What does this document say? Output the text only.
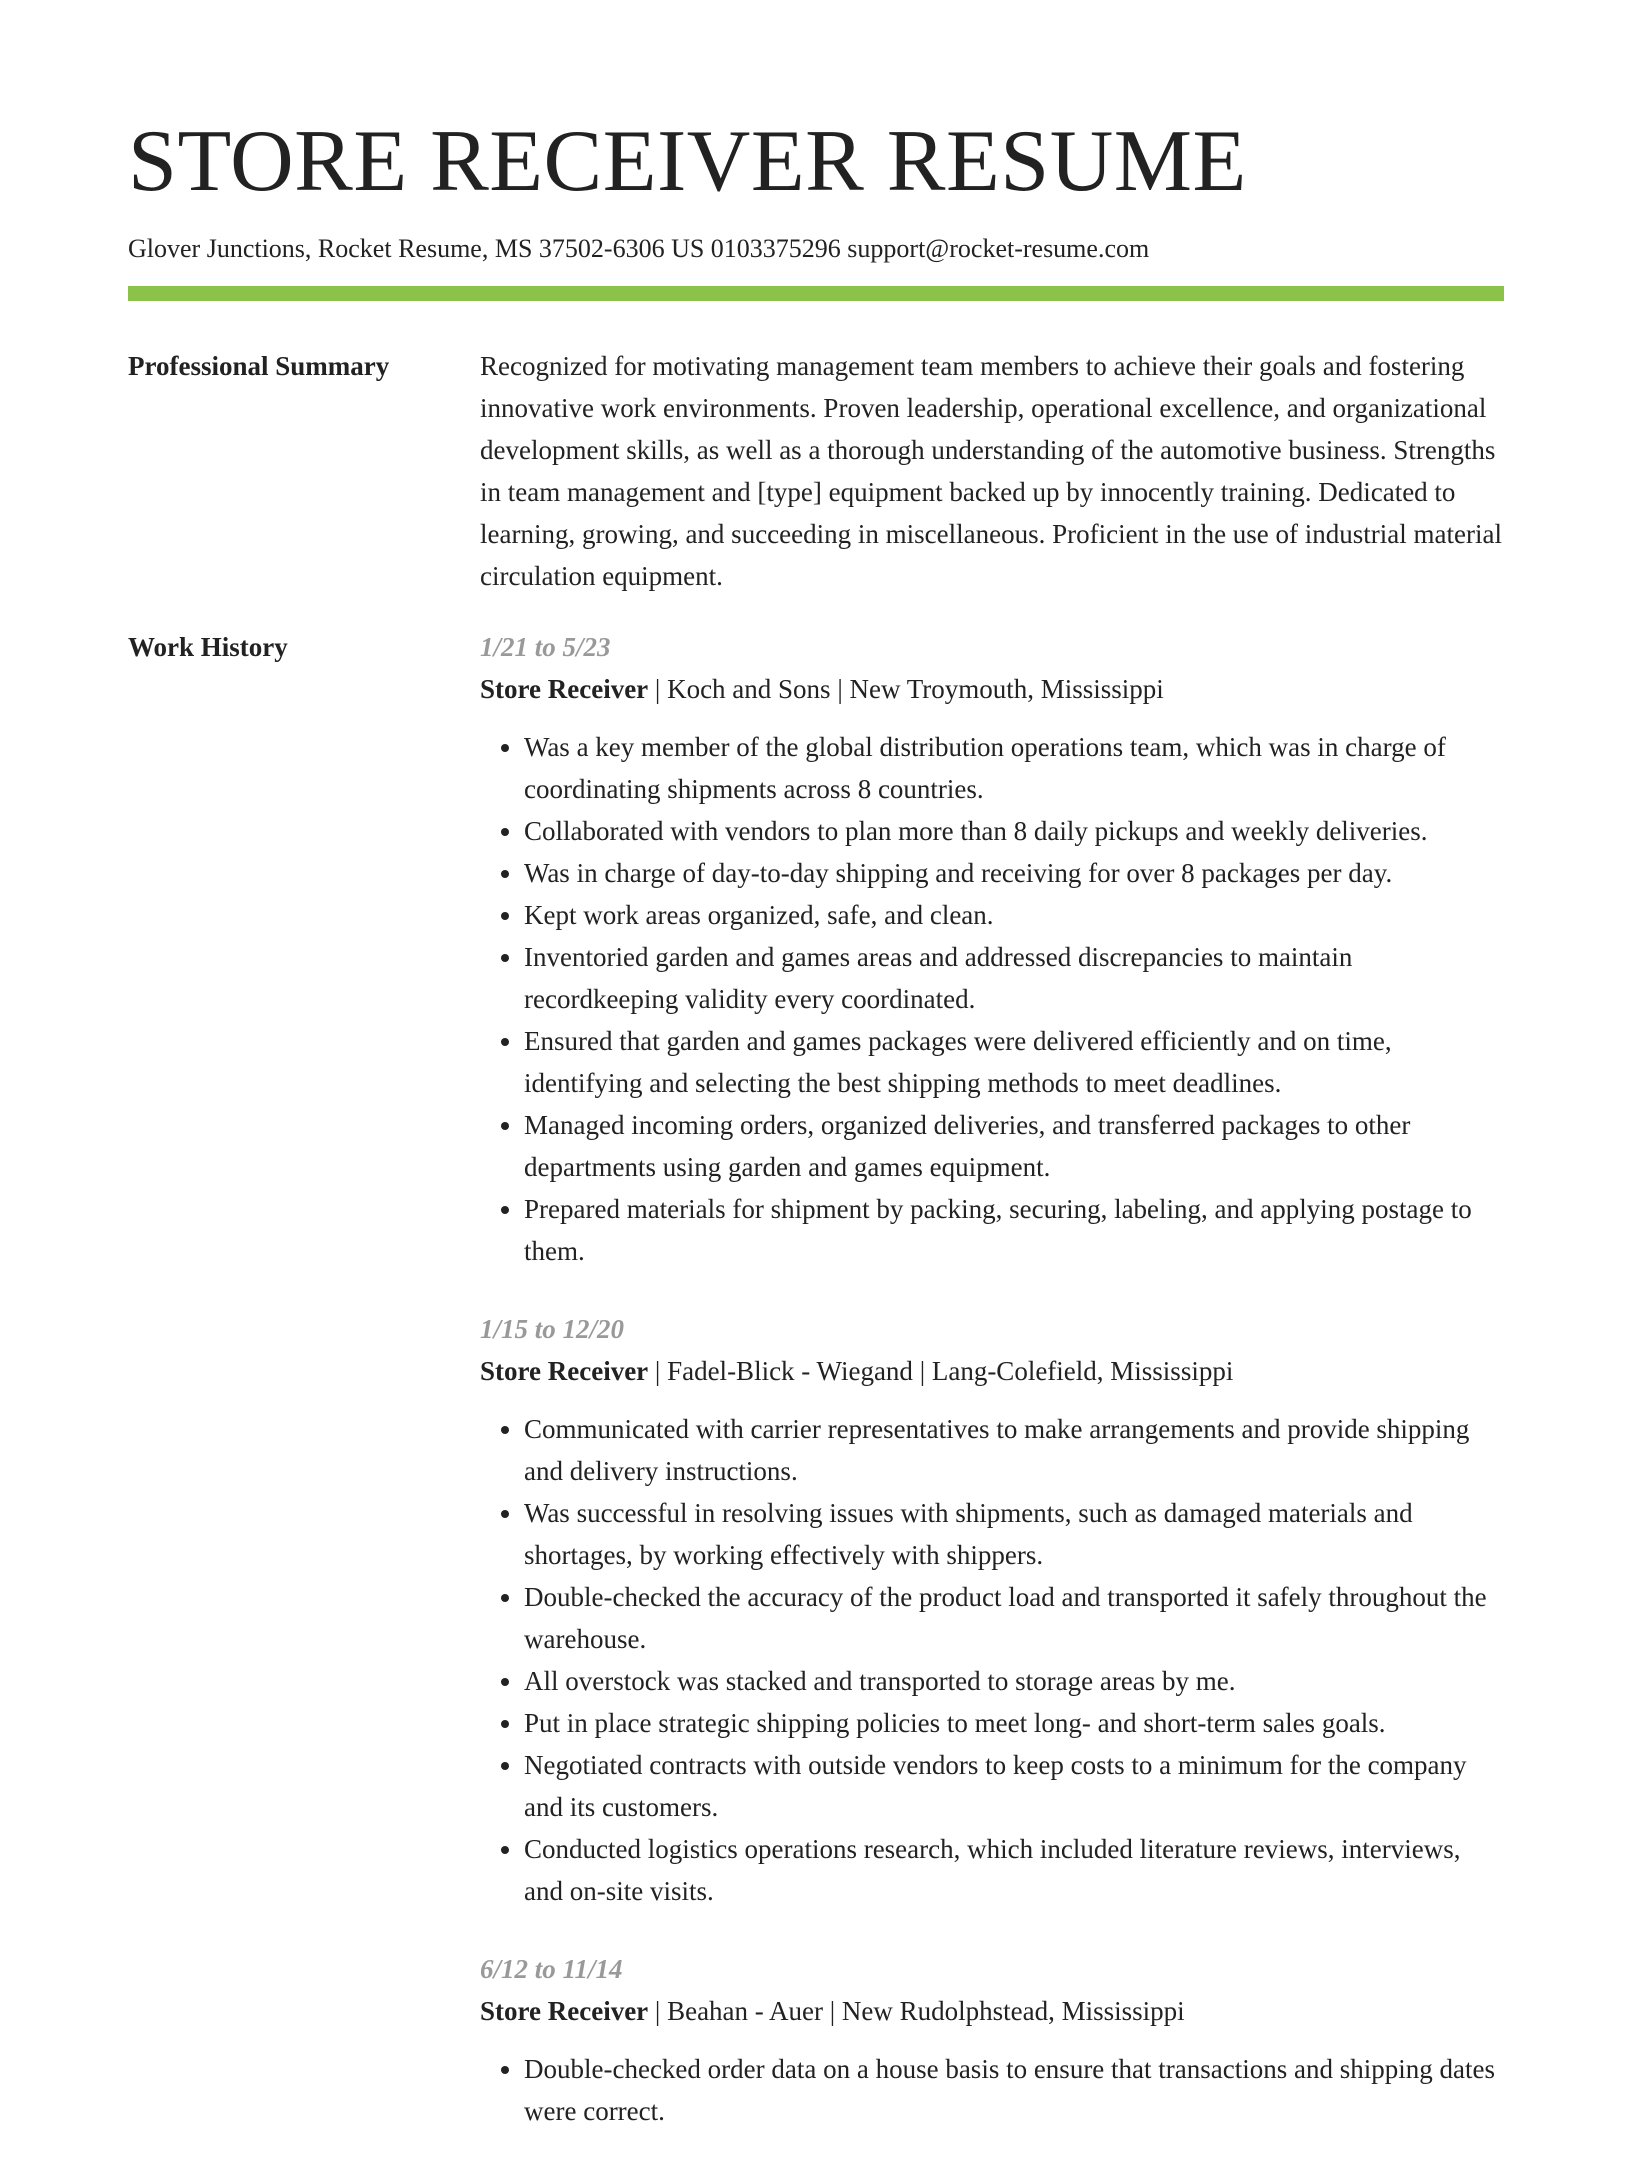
STORE RECEIVER RESUME
Glover Junctions, Rocket Resume, MS 37502-6306 US 0103375296 support@rocket-resume.com
Professional Summary	Recognized for motivating management team members to achieve their goals and fostering innovative work environments. Proven leadership, operational excellence, and organizational development skills, as well as a thorough understanding of the automotive business. Strengths in team management and [type] equipment backed up by innocently training. Dedicated to learning, growing, and succeeding in miscellaneous. Proficient in the use of industrial material circulation equipment.

Work History	1/21 to 5/23
Store Receiver | Koch and Sons | New Troymouth, Mississippi
• Was a key member of the global distribution operations team, which was in charge of coordinating shipments across 8 countries.
• Collaborated with vendors to plan more than 8 daily pickups and weekly deliveries.
• Was in charge of day-to-day shipping and receiving for over 8 packages per day.
• Kept work areas organized, safe, and clean.
• Inventoried garden and games areas and addressed discrepancies to maintain recordkeeping validity every coordinated.
• Ensured that garden and games packages were delivered efficiently and on time, identifying and selecting the best shipping methods to meet deadlines.
• Managed incoming orders, organized deliveries, and transferred packages to other departments using garden and games equipment.
• Prepared materials for shipment by packing, securing, labeling, and applying postage to them.
1/15 to 12/20
Store Receiver | Fadel-Blick - Wiegand | Lang-Colefield, Mississippi
• Communicated with carrier representatives to make arrangements and provide shipping and delivery instructions.
• Was successful in resolving issues with shipments, such as damaged materials and shortages, by working effectively with shippers.
• Double-checked the accuracy of the product load and transported it safely throughout the warehouse.
• All overstock was stacked and transported to storage areas by me.
• Put in place strategic shipping policies to meet long- and short-term sales goals.
• Negotiated contracts with outside vendors to keep costs to a minimum for the company and its customers.
• Conducted logistics operations research, which included literature reviews, interviews, and on-site visits.
6/12 to 11/14
Store Receiver | Beahan - Auer | New Rudolphstead, Mississippi
• Double-checked order data on a house basis to ensure that transactions and shipping dates were correct.
